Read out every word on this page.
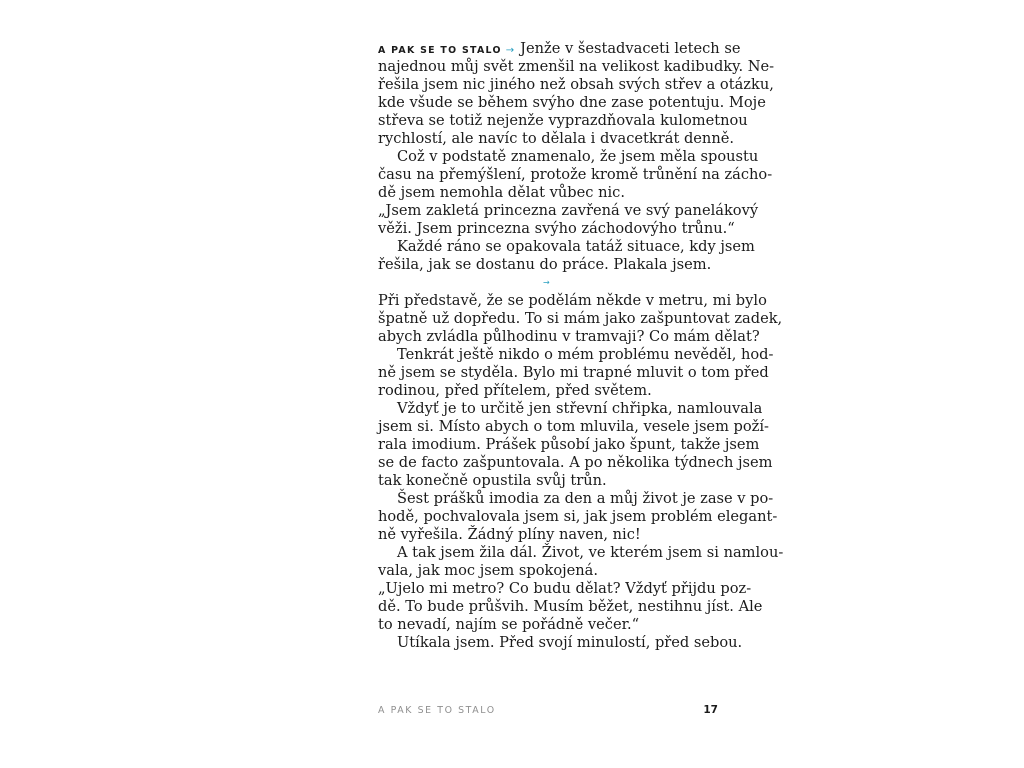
A PAK SE TO STALO → Jenže v šestadvaceti letech se
najednou můj svět zmenšil na velikost kadibudky. Ne-
řešila jsem nic jiného než obsah svých střev a otázku,
kde všude se během svýho dne zase potentuju. Moje
střeva se totiž nejenže vyprazdňovala kulometnou
rychlostí, ale navíc to dělala i dvacetkrát denně.
Což v podstatě znamenalo, že jsem měla spoustu
času na přemýšlení, protože kromě trůnění na zácho-
dě jsem nemohla dělat vůbec nic.
„Jsem zakletá princezna zavřená ve svý panelákový
věži. Jsem princezna svýho záchodovýho trůnu.“
Každé ráno se opakovala tatáž situace, kdy jsem
řešila, jak se dostanu do práce. Plakala jsem.
→
Při představě, že se podělám někde v metru, mi bylo
špatně už dopředu. To si mám jako zašpuntovat zadek,
abych zvládla půlhodinu v tramvaji? Co mám dělat?
Tenkrát ještě nikdo o mém problému nevěděl, hod-
ně jsem se styděla. Bylo mi trapné mluvit o tom před
rodinou, před přítelem, před světem.
Vždyť je to určitě jen střevní chřipka, namlouvala
jsem si. Místo abych o tom mluvila, vesele jsem poží-
rala imodium. Prášek působí jako špunt, takže jsem
se de facto zašpuntovala. A po několika týdnech jsem
tak konečně opustila svůj trůn.
Šest prášků imodia za den a můj život je zase v po-
hodě, pochvalovala jsem si, jak jsem problém elegant-
ně vyřešila. Žádný plíny naven, nic!
A tak jsem žila dál. Život, ve kterém jsem si namlou-
vala, jak moc jsem spokojená.
„Ujelo mi metro? Co budu dělat? Vždyť přijdu poz-
dě. To bude průšvih. Musím běžet, nestihnu jíst. Ale
to nevadí, najím se pořádně večer.“
Utíkala jsem. Před svojí minulostí, před sebou.
A PAK SE TO STALO	17
